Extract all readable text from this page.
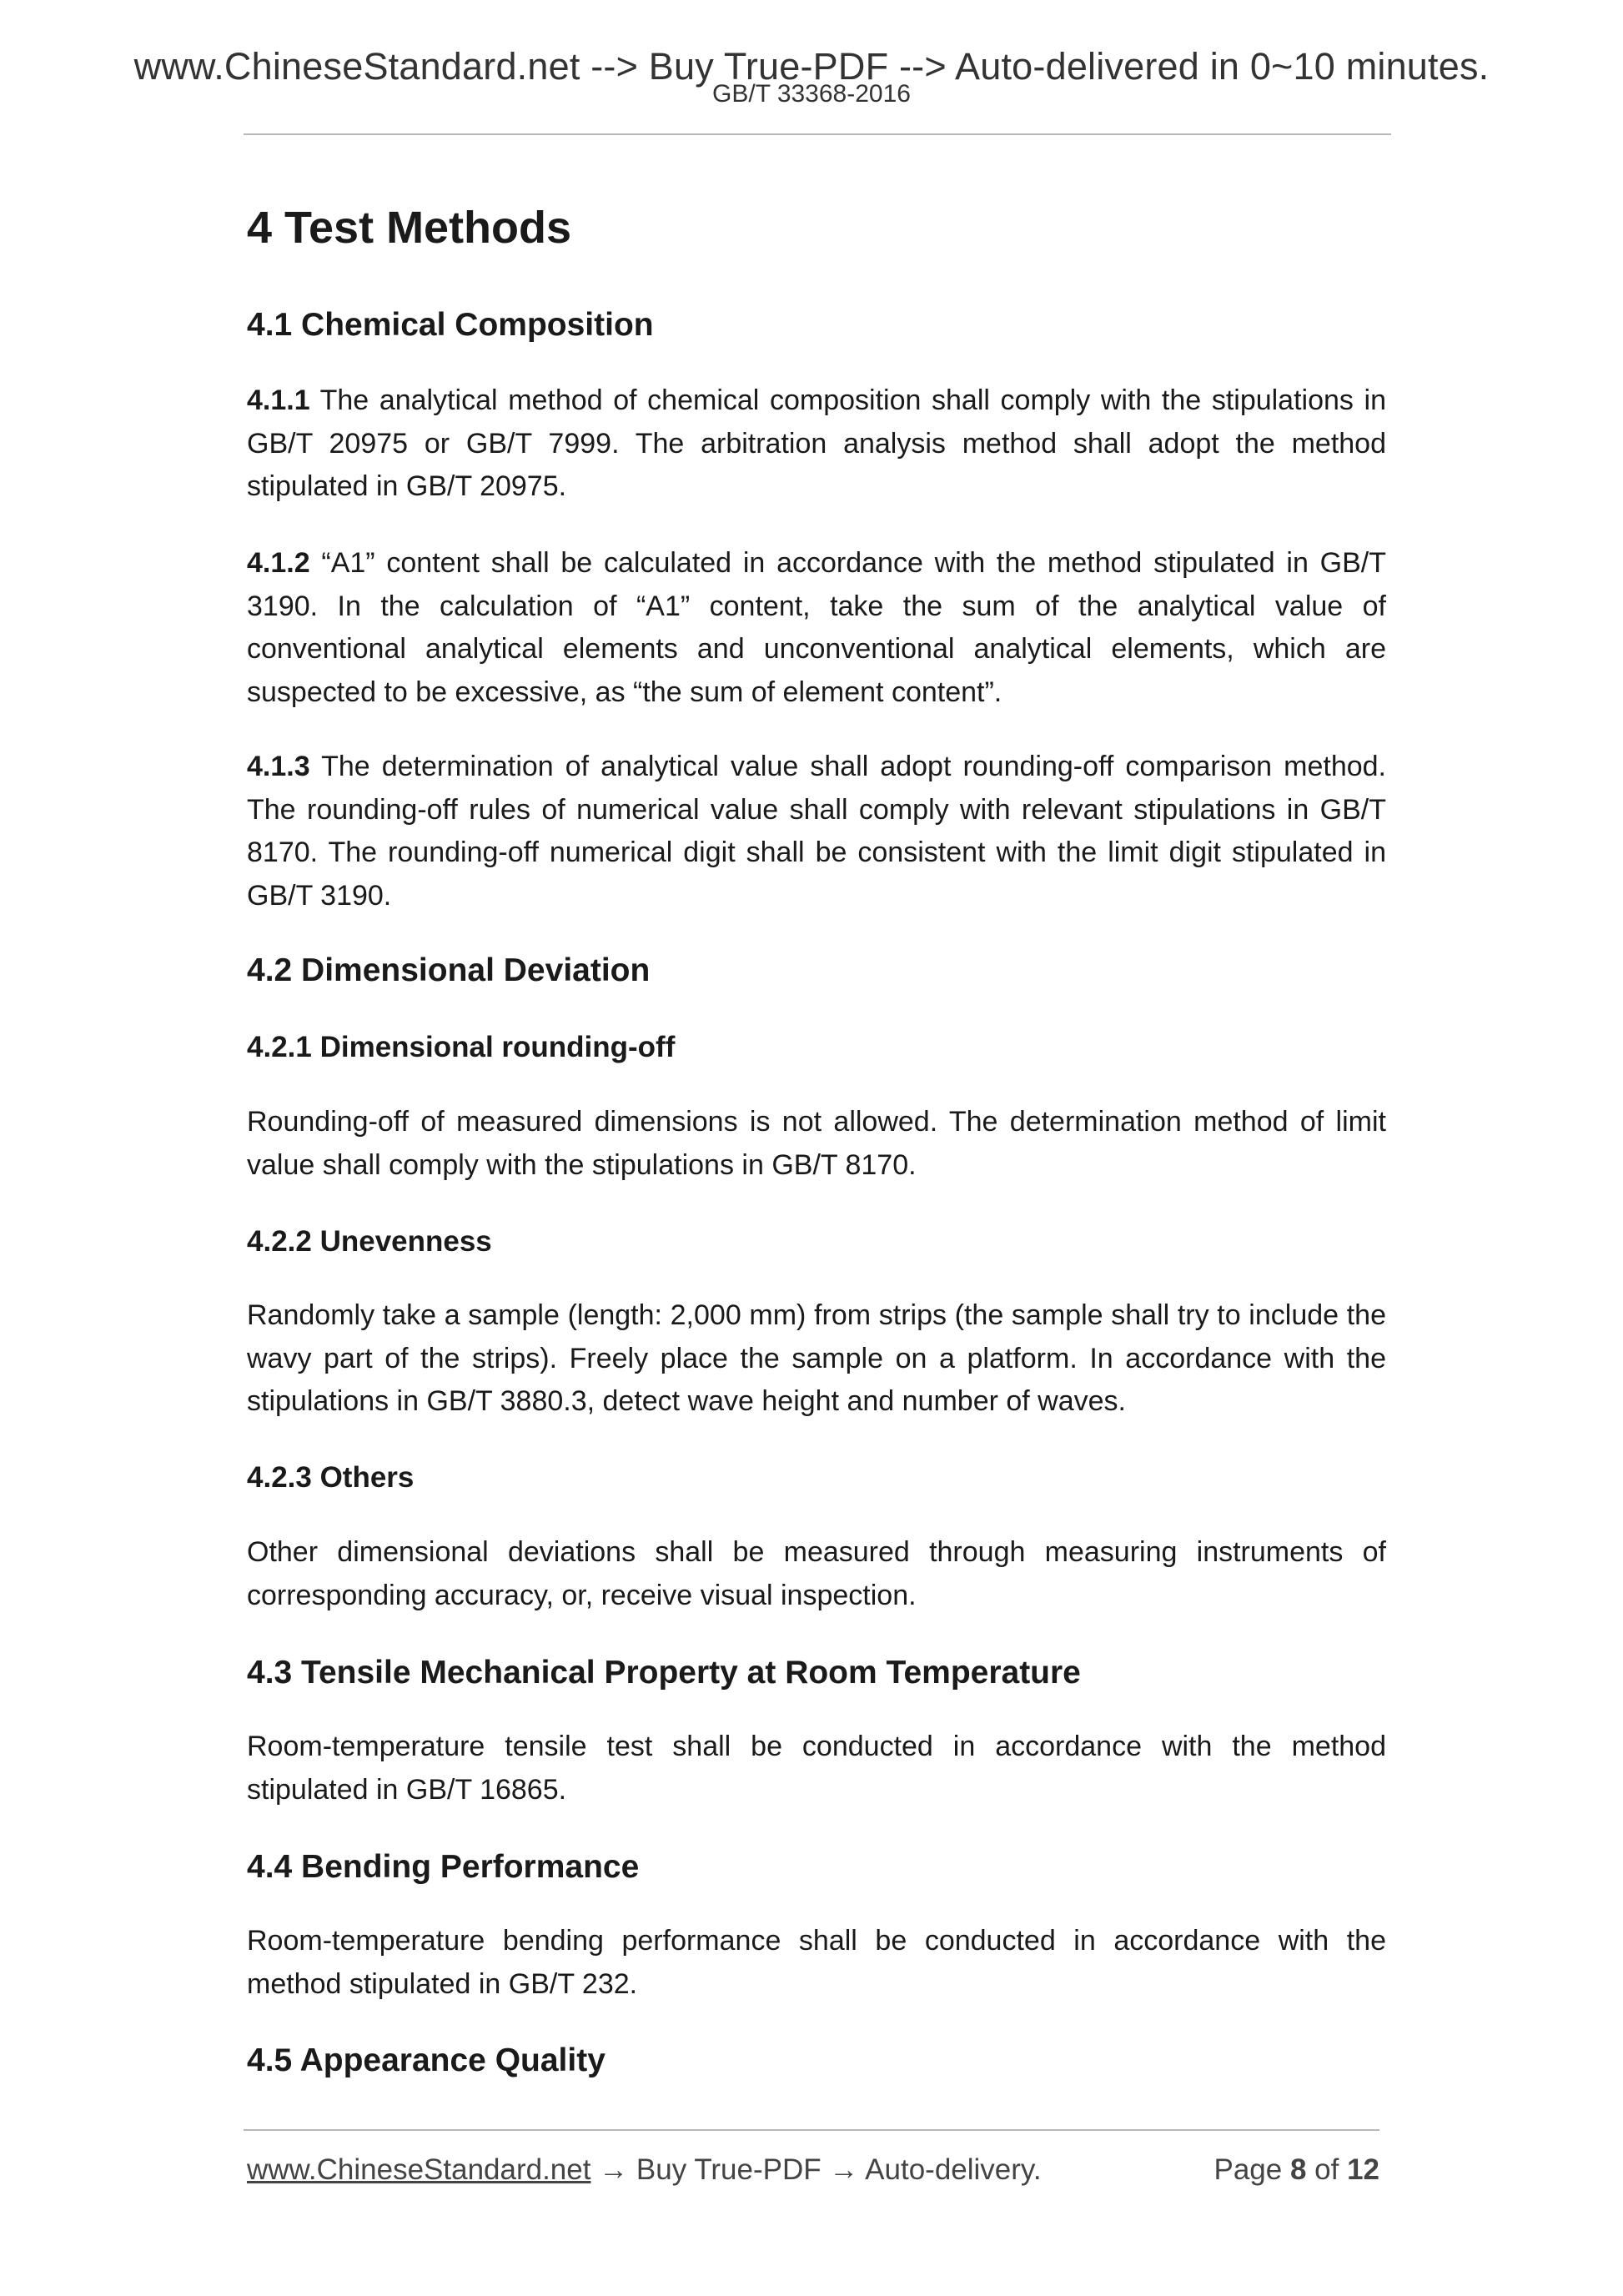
www.ChineseStandard.net --> Buy True-PDF --> Auto-delivered in 0~10 minutes.
GB/T 33368-2016
4 Test Methods
4.1 Chemical Composition
4.1.1 The analytical method of chemical composition shall comply with the stipulations in GB/T 20975 or GB/T 7999. The arbitration analysis method shall adopt the method stipulated in GB/T 20975.
4.1.2 “A1” content shall be calculated in accordance with the method stipulated in GB/T 3190. In the calculation of “A1” content, take the sum of the analytical value of conventional analytical elements and unconventional analytical elements, which are suspected to be excessive, as “the sum of element content”.
4.1.3 The determination of analytical value shall adopt rounding-off comparison method. The rounding-off rules of numerical value shall comply with relevant stipulations in GB/T 8170. The rounding-off numerical digit shall be consistent with the limit digit stipulated in GB/T 3190.
4.2 Dimensional Deviation
4.2.1 Dimensional rounding-off
Rounding-off of measured dimensions is not allowed. The determination method of limit value shall comply with the stipulations in GB/T 8170.
4.2.2 Unevenness
Randomly take a sample (length: 2,000 mm) from strips (the sample shall try to include the wavy part of the strips). Freely place the sample on a platform. In accordance with the stipulations in GB/T 3880.3, detect wave height and number of waves.
4.2.3 Others
Other dimensional deviations shall be measured through measuring instruments of corresponding accuracy, or, receive visual inspection.
4.3 Tensile Mechanical Property at Room Temperature
Room-temperature tensile test shall be conducted in accordance with the method stipulated in GB/T 16865.
4.4 Bending Performance
Room-temperature bending performance shall be conducted in accordance with the method stipulated in GB/T 232.
4.5 Appearance Quality
www.ChineseStandard.net → Buy True-PDF → Auto-delivery.	Page 8 of 12
